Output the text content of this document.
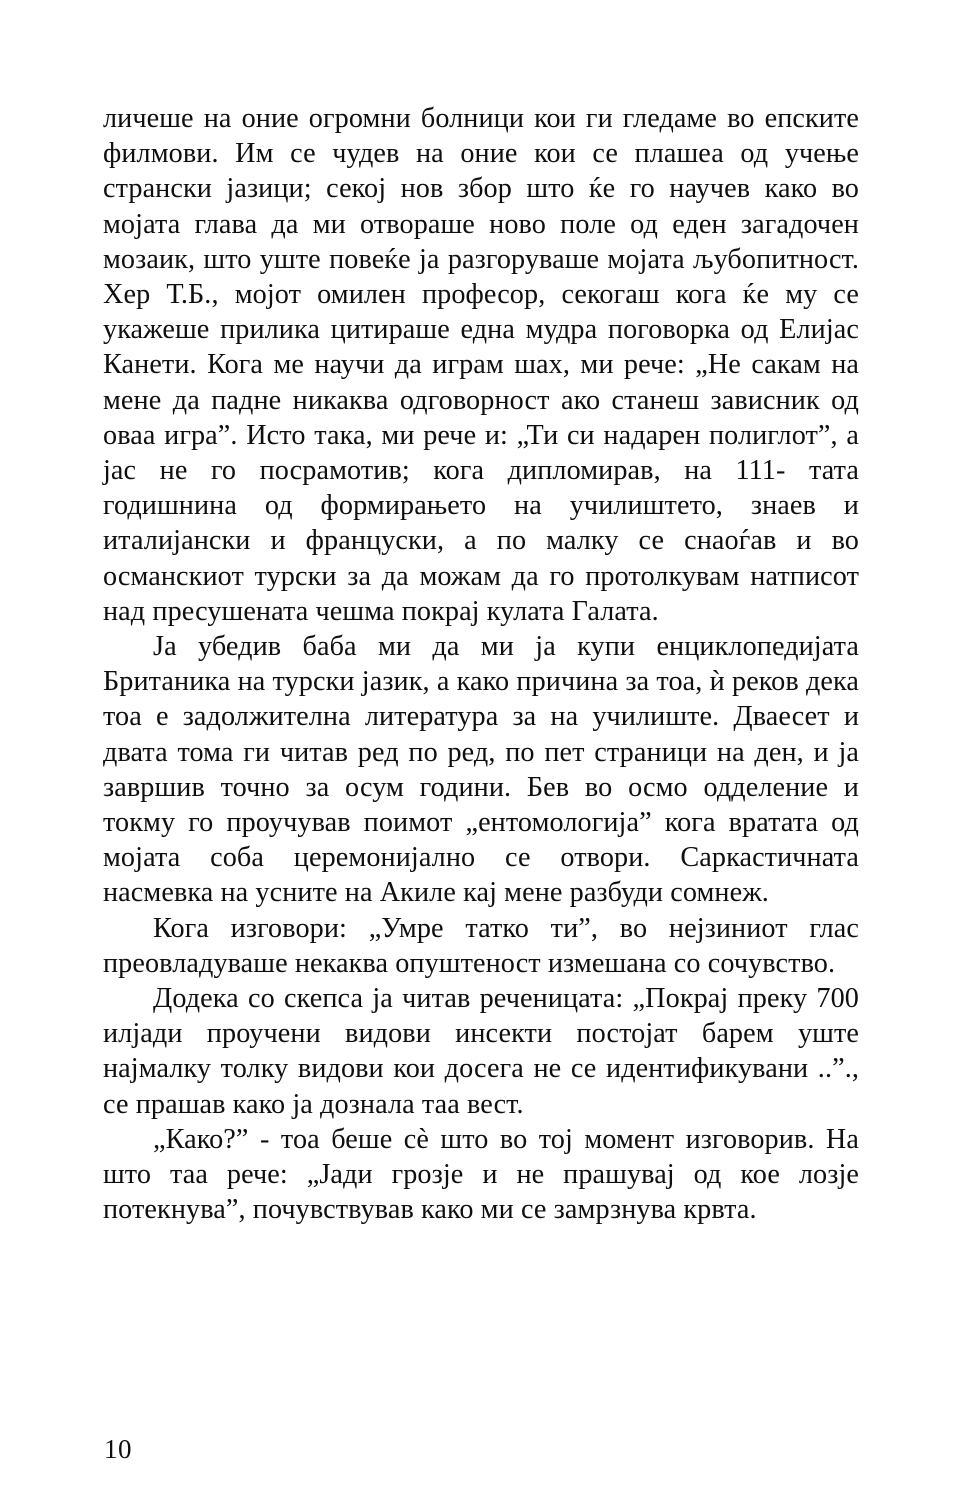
личеше на оние огромни болници кои ги гледаме во епските филмови. Им се чудев на оние кои се плашеа од учење странски јазици; секој нов збор што ќе го научев како во мојата глава да ми отвораше ново поле од еден загадочен мозаик, што уште повеќе ја разгоруваше мојата љубопитност. Хер Т.Б., мојот омилен професор, секогаш кога ќе му се укажеше прилика цитираше една мудра поговорка од Елијас Канети. Кога ме научи да играм шах, ми рече: „Не сакам на мене да падне никаква одговорност ако станеш зависник од оваа игра”. Исто така, ми рече и: „Ти си надарен полиглот”, а јас не го посрамотив; кога дипломирав, на 111- тата годишнина од формирањето на училиштето, знаев и италијански и француски, а по малку се снаоѓав и во османскиот турски за да можам да го протолкувам натписот над пресушената чешма покрај кулата Галата.

Ја убедив баба ми да ми ја купи енциклопедијата Британика на турски јазик, а како причина за тоа, ѝ реков дека тоа е задолжителна литература за на училиште. Дваесет и двата тома ги читав ред по ред, по пет страници на ден, и ја завршив точно за осум години. Бев во осмо одделение и токму го проучував поимот „ентомологија” кога вратата од мојата соба церемонијално се отвори. Саркастичната насмевка на усните на Акиле кај мене разбуди сомнеж.

Кога изговори: „Умре татко ти”, во нејзиниот глас преовладуваше некаква опуштеност измешана со сочувство.

Додека со скепса ја читав реченицата: „Покрај преку 700 илјади проучени видови инсекти постојат барем уште најмалку толку видови кои досега не се идентификувани ..”., се прашав како ја дознала таа вест.

„Како?” - тоа беше сè што во тој момент изговорив. На што таа рече: „Јади грозје и не прашувај од кое лозје потекнува”, почувствував како ми се замрзнува крвта.

10
